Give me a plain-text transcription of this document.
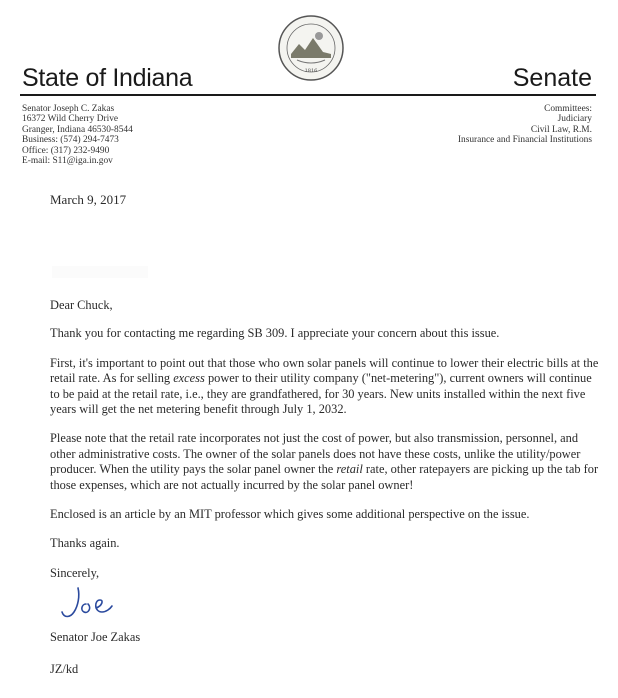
1816
State of Indiana	Senate
Senator Joseph C. Zakas
16372 Wild Cherry Drive
Granger, Indiana 46530-8544
Business: (574) 294-7473
Office: (317) 232-9490
E-mail: S11@iga.in.gov
Committees:
Judiciary
Civil Law, R.M.
Insurance and Financial Institutions
March 9, 2017

Dear Chuck,

Thank you for contacting me regarding SB 309. I appreciate your concern about this issue.

First, it's important to point out that those who own solar panels will continue to lower their electric bills at the retail rate. As for selling excess power to their utility company ("net-metering"), current owners will continue to be paid at the retail rate, i.e., they are grandfathered, for 30 years. New units installed within the next five years will get the net metering benefit through July 1, 2032.

Please note that the retail rate incorporates not just the cost of power, but also transmission, personnel, and other administrative costs. The owner of the solar panels does not have these costs, unlike the utility/power producer. When the utility pays the solar panel owner the retail rate, other ratepayers are picking up the tab for those expenses, which are not actually incurred by the solar panel owner!

Enclosed is an article by an MIT professor which gives some additional perspective on the issue.

Thanks again.

Sincerely,

Senator Joe Zakas
JZ/kd
